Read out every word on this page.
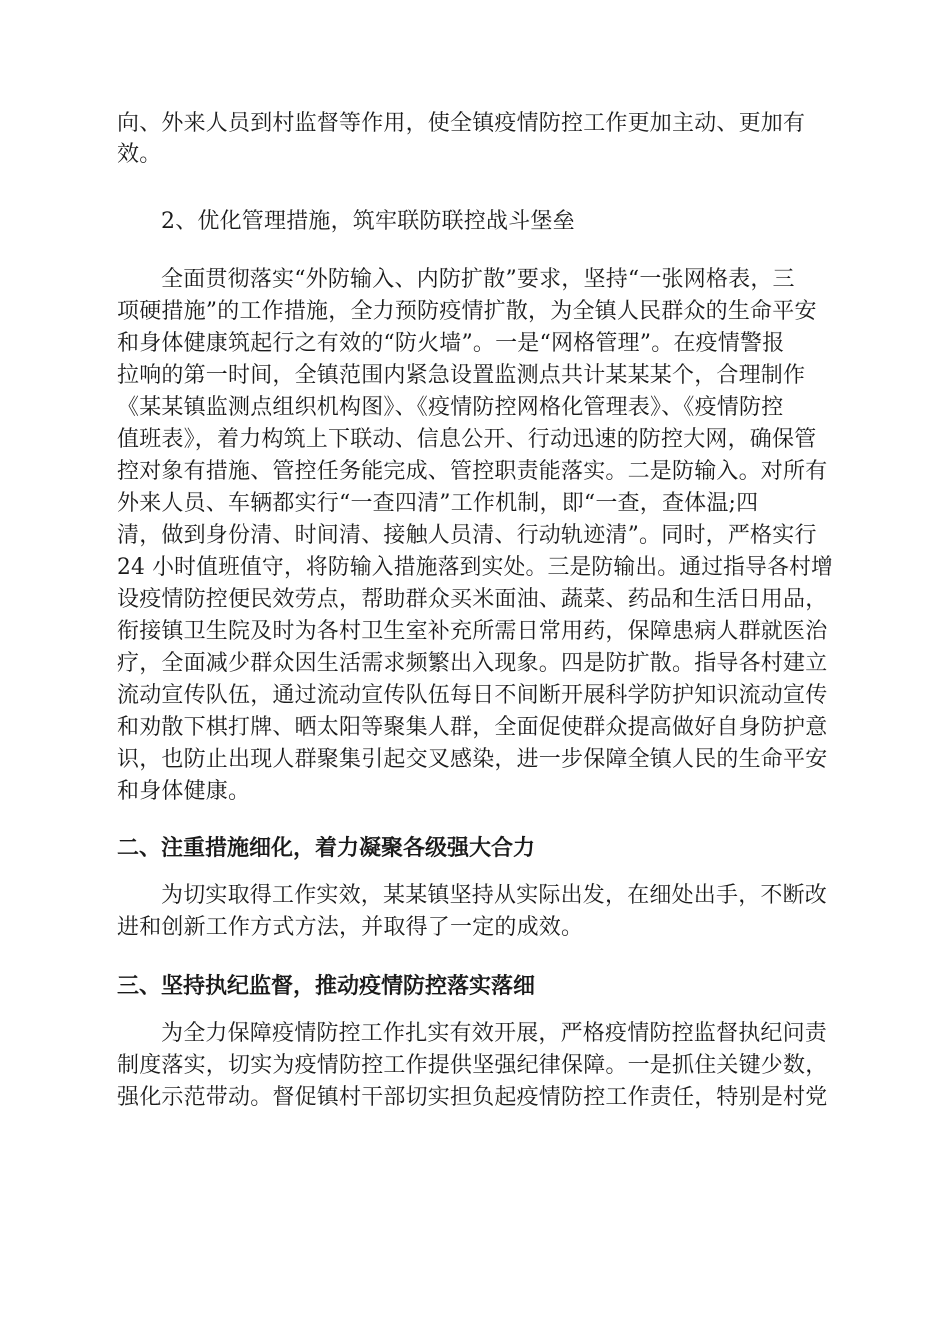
向、外来人员到村监督等作用，使全镇疫情防控工作更加主动、更加有
效。
2、优化管理措施，筑牢联防联控战斗堡垒
全面贯彻落实“外防输入、内防扩散”要求，坚持“一张网格表，三
项硬措施”的工作措施，全力预防疫情扩散，为全镇人民群众的生命平安
和身体健康筑起行之有效的“防火墙”。一是“网格管理”。在疫情警报
拉响的第一时间，全镇范围内紧急设置监测点共计某某某个，合理制作
《某某镇监测点组织机构图》、《疫情防控网格化管理表》、《疫情防控
值班表》，着力构筑上下联动、信息公开、行动迅速的防控大网，确保管
控对象有措施、管控任务能完成、管控职责能落实。二是防输入。对所有
外来人员、车辆都实行“一查四清”工作机制，即“一查，查体温;四
清，做到身份清、时间清、接触人员清、行动轨迹清”。同时，严格实行
24 小时值班值守，将防输入措施落到实处。三是防输出。通过指导各村增
设疫情防控便民效劳点，帮助群众买米面油、蔬菜、药品和生活日用品，
衔接镇卫生院及时为各村卫生室补充所需日常用药，保障患病人群就医治
疗，全面减少群众因生活需求频繁出入现象。四是防扩散。指导各村建立
流动宣传队伍，通过流动宣传队伍每日不间断开展科学防护知识流动宣传
和劝散下棋打牌、晒太阳等聚集人群，全面促使群众提高做好自身防护意
识，也防止出现人群聚集引起交叉感染，进一步保障全镇人民的生命平安
和身体健康。
二、注重措施细化，着力凝聚各级强大合力
为切实取得工作实效，某某镇坚持从实际出发，在细处出手，不断改
进和创新工作方式方法，并取得了一定的成效。
三、坚持执纪监督，推动疫情防控落实落细
为全力保障疫情防控工作扎实有效开展，严格疫情防控监督执纪问责
制度落实，切实为疫情防控工作提供坚强纪律保障。一是抓住关键少数，
强化示范带动。督促镇村干部切实担负起疫情防控工作责任，特别是村党
